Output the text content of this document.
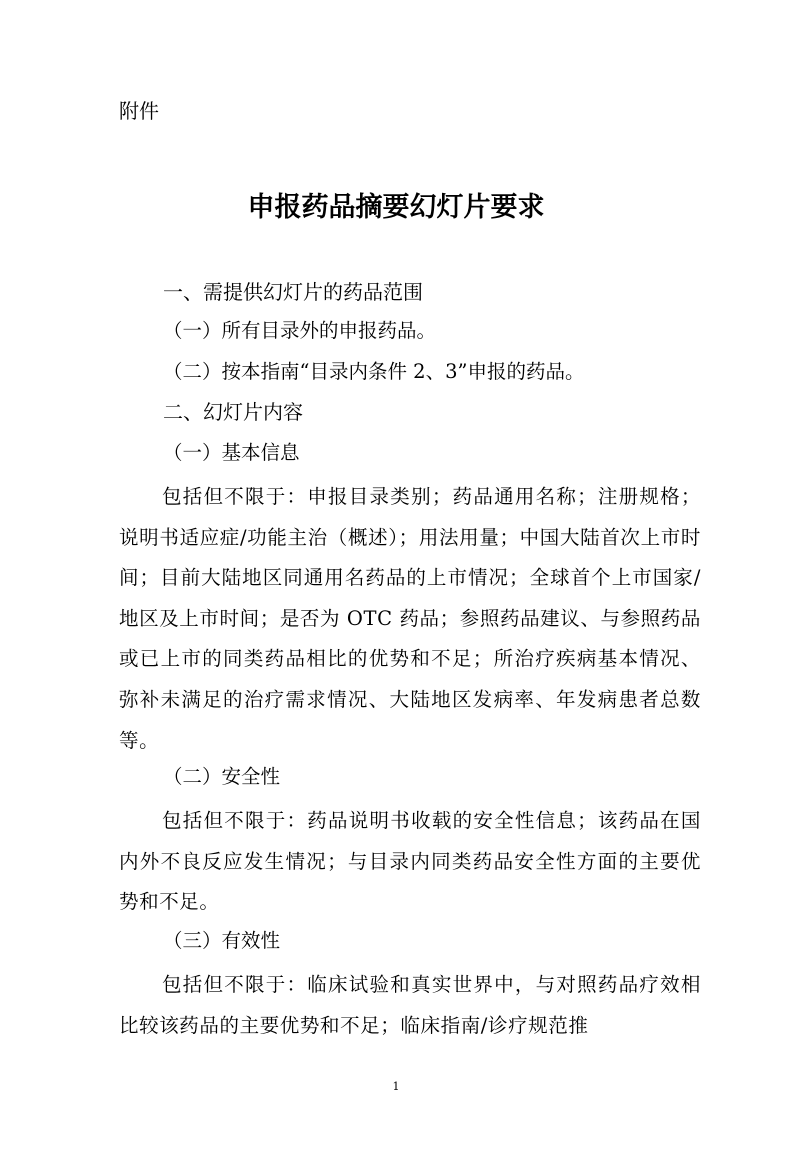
附件
申报药品摘要幻灯片要求
一、需提供幻灯片的药品范围
（一）所有目录外的申报药品。
（二）按本指南“目录内条件 2、3”申报的药品。
二、幻灯片内容
（一）基本信息
包括但不限于：申报目录类别；药品通用名称；注册规格；说明书适应症/功能主治（概述）；用法用量；中国大陆首次上市时间；目前大陆地区同通用名药品的上市情况；全球首个上市国家/地区及上市时间；是否为 OTC 药品；参照药品建议、与参照药品或已上市的同类药品相比的优势和不足；所治疗疾病基本情况、弥补未满足的治疗需求情况、大陆地区发病率、年发病患者总数等。
（二）安全性
包括但不限于：药品说明书收载的安全性信息；该药品在国内外不良反应发生情况；与目录内同类药品安全性方面的主要优势和不足。
（三）有效性
包括但不限于：临床试验和真实世界中，与对照药品疗效相比较该药品的主要优势和不足；临床指南/诊疗规范推
1
